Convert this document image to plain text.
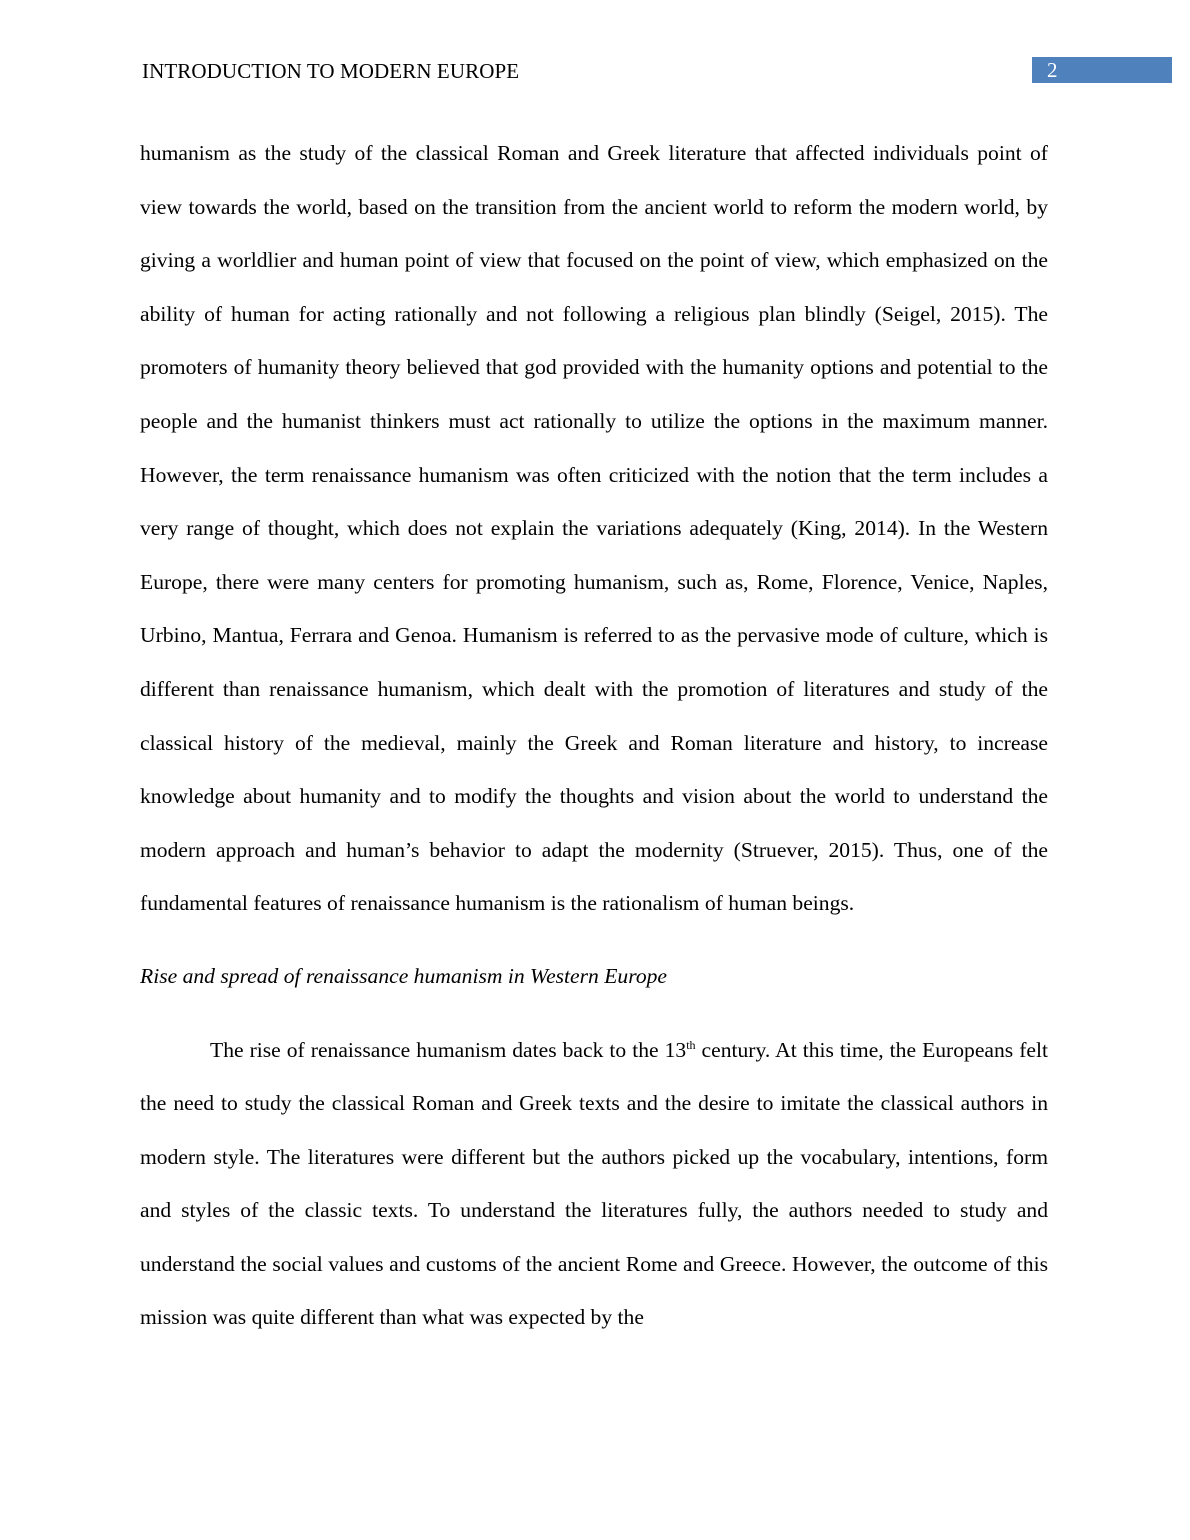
INTRODUCTION TO MODERN EUROPE	2

humanism as the study of the classical Roman and Greek literature that affected individuals point of view towards the world, based on the transition from the ancient world to reform the modern world, by giving a worldlier and human point of view that focused on the point of view, which emphasized on the ability of human for acting rationally and not following a religious plan blindly (Seigel, 2015). The promoters of humanity theory believed that god provided with the humanity options and potential to the people and the humanist thinkers must act rationally to utilize the options in the maximum manner. However, the term renaissance humanism was often criticized with the notion that the term includes a very range of thought, which does not explain the variations adequately (King, 2014). In the Western Europe, there were many centers for promoting humanism, such as, Rome, Florence, Venice, Naples, Urbino, Mantua, Ferrara and Genoa. Humanism is referred to as the pervasive mode of culture, which is different than renaissance humanism, which dealt with the promotion of literatures and study of the classical history of the medieval, mainly the Greek and Roman literature and history, to increase knowledge about humanity and to modify the thoughts and vision about the world to understand the modern approach and human’s behavior to adapt the modernity (Struever, 2015). Thus, one of the fundamental features of renaissance humanism is the rationalism of human beings.

Rise and spread of renaissance humanism in Western Europe

The rise of renaissance humanism dates back to the 13th century. At this time, the Europeans felt the need to study the classical Roman and Greek texts and the desire to imitate the classical authors in modern style. The literatures were different but the authors picked up the vocabulary, intentions, form and styles of the classic texts. To understand the literatures fully, the authors needed to study and understand the social values and customs of the ancient Rome and Greece. However, the outcome of this mission was quite different than what was expected by the
